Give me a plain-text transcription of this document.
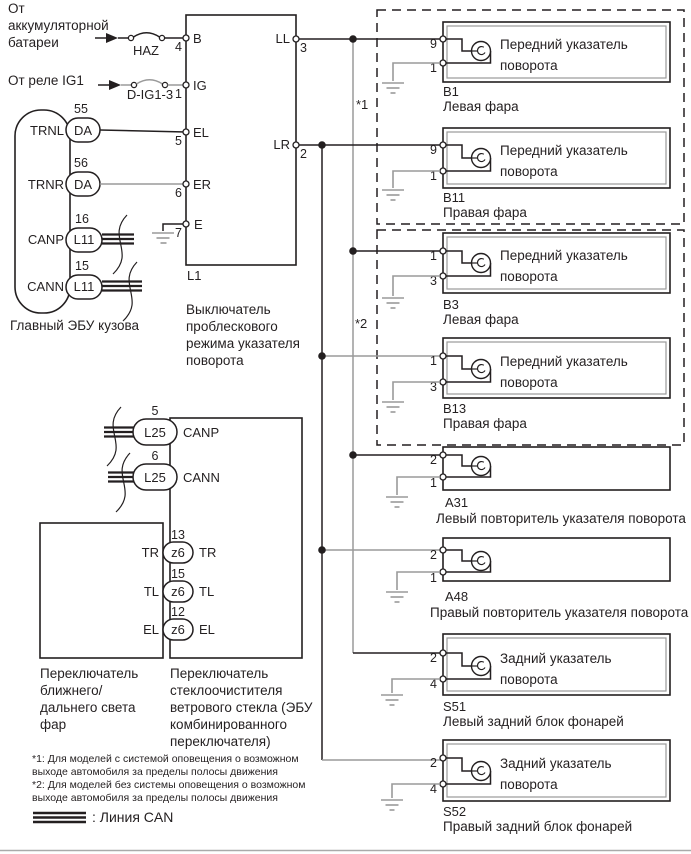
*1
*2
От
аккумуляторной
батареи
HAZ
От реле IG1
D-IG1-3
Главный ЭБУ кузова
TRNL
55
DA
TRNR
56
DA
CANP
16
L11
CANN
15
L11
L1
Выключатель
проблескового
режима указателя
поворота
B
4
IG
1
EL
5
ER
6
E
7
LL
3
LR
2
9
1
Передний указатель
поворота
B1
Левая фара
9
1
Передний указатель
поворота
B11
Правая фара
1
3
Передний указатель
поворота
B3
Левая фара
1
3
Передний указатель
поворота
B13
Правая фара
2
1
A31
Левый повторитель указателя поворота
2
1
A48
Правый повторитель указателя поворота
2
4
Задний указатель
поворота
S51
Левый задний блок фонарей
2
4
Задний указатель
поворота
S52
Правый задний блок фонарей
Переключатель
ближнего/
дальнего света
фар
Переключатель
стеклоочистителя
ветрового стекла (ЭБУ
комбинированного
переключателя)
5
L25 CANP
6
L25 CANN
13
TR z6 TR
15
TL z6 TL
12
EL z6 EL
*1: Для моделей с системой оповещения о возможном
выходе автомобиля за пределы полосы движения
*2: Для моделей без системы оповещения о возможном
выходе автомобиля за пределы полосы движения
: Линия CAN
